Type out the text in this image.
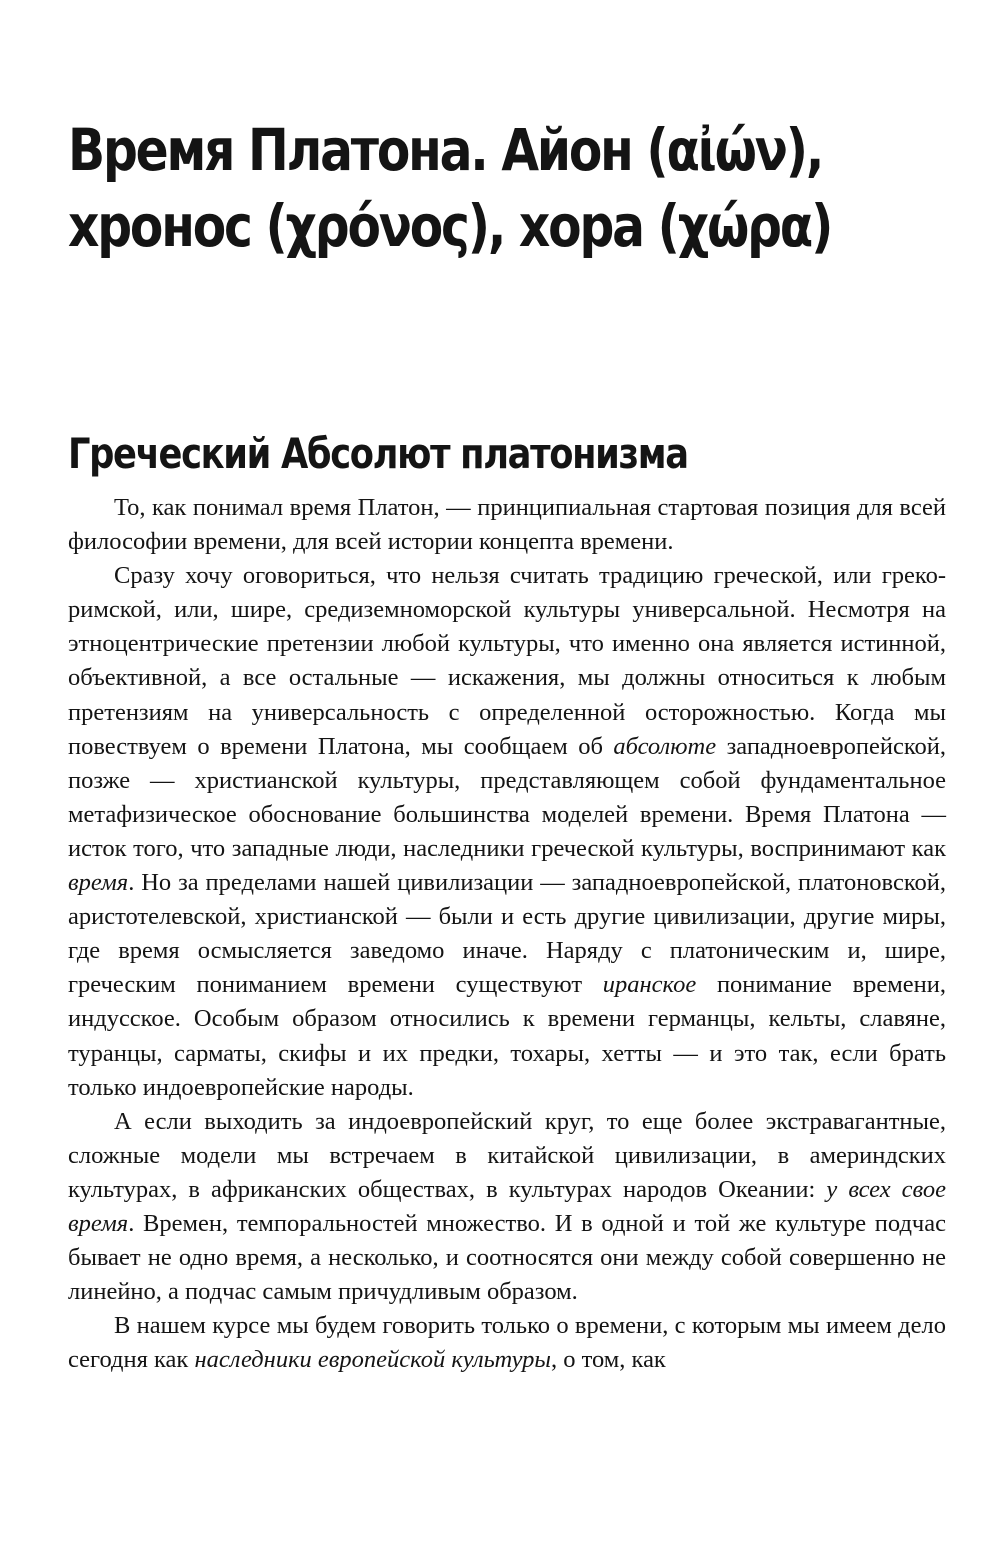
Время Платона. Айон (αἰών),
хронос (χρόνος), хора (χώρα)
Греческий Абсолют платонизма

То, как понимал время Платон, — принципиальная стартовая позиция для всей философии времени, для всей истории концепта времени.

Сразу хочу оговориться, что нельзя считать традицию греческой, или греко-римской, или, шире, средиземноморской культуры универсальной. Несмотря на этноцентрические претензии любой культуры, что именно она является истинной, объективной, а все остальные — искажения, мы должны относиться к любым претензиям на универсальность с определенной осторожностью. Когда мы повествуем о времени Платона, мы сообщаем об абсолюте западноевропейской, позже — христианской культуры, представляющем собой фундаментальное метафизическое обоснование большинства моделей времени. Время Платона — исток того, что западные люди, наследники греческой культуры, воспринимают как время. Но за пределами нашей цивилизации — западноевропейской, платоновской, аристотелевской, христианской — были и есть другие цивилизации, другие миры, где время осмысляется заведомо иначе. Наряду с платоническим и, шире, греческим пониманием времени существуют иранское понимание времени, индусское. Особым образом относились к времени германцы, кельты, славяне, туранцы, сарматы, скифы и их предки, тохары, хетты — и это так, если брать только индоевропейские народы.

А если выходить за индоевропейский круг, то еще более экстравагантные, сложные модели мы встречаем в китайской цивилизации, в америндских культурах, в африканских обществах, в культурах народов Океании: у всех свое время. Времен, темпоральностей множество. И в одной и той же культуре подчас бывает не одно время, а несколько, и соотносятся они между собой совершенно не линейно, а подчас самым причудливым образом.

В нашем курсе мы будем говорить только о времени, с которым мы имеем дело сегодня как наследники европейской культуры, о том, как
